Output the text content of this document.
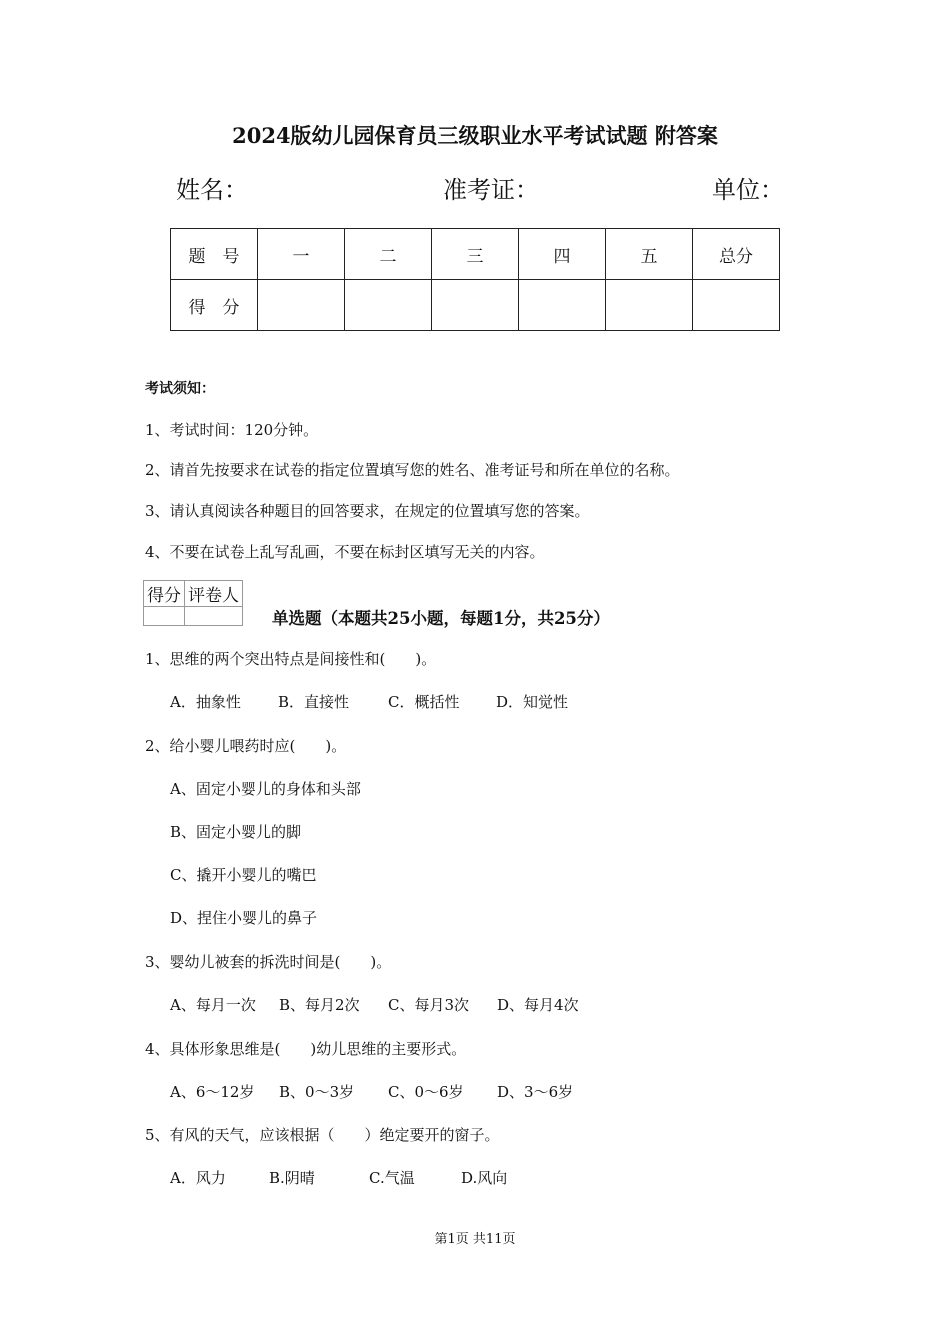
2024版幼儿园保育员三级职业水平考试试题 附答案
姓名：	准考证：	单位：
题　号	一	二	三	四	五	总分
得　分						
考试须知：
1、考试时间：120分钟。
2、请首先按要求在试卷的指定位置填写您的姓名、准考证号和所在单位的名称。
3、请认真阅读各种题目的回答要求，在规定的位置填写您的答案。
4、不要在试卷上乱写乱画，不要在标封区填写无关的内容。
得分	评卷人

单选题（本题共25小题，每题1分，共25分）
1、思维的两个突出特点是间接性和(　　)。
A．抽象性 B．直接性	C．概括性 D．知觉性
2、给小婴儿喂药时应(　　)。
A、固定小婴儿的身体和头部
B、固定小婴儿的脚
C、撬开小婴儿的嘴巴
D、捏住小婴儿的鼻子
3、婴幼儿被套的拆洗时间是(　　)。
A、每月一次 B、每月2次 C、每月3次 D、每月4次
4、具体形象思维是(　　)幼儿思维的主要形式。
A、6～12岁 B、0～3岁 C、0～6岁 D、3～6岁
5、有风的天气，应该根据（　　）绝定要开的窗子。
A．风力	B.阴晴	C.气温	D.风向
第1页 共11页
